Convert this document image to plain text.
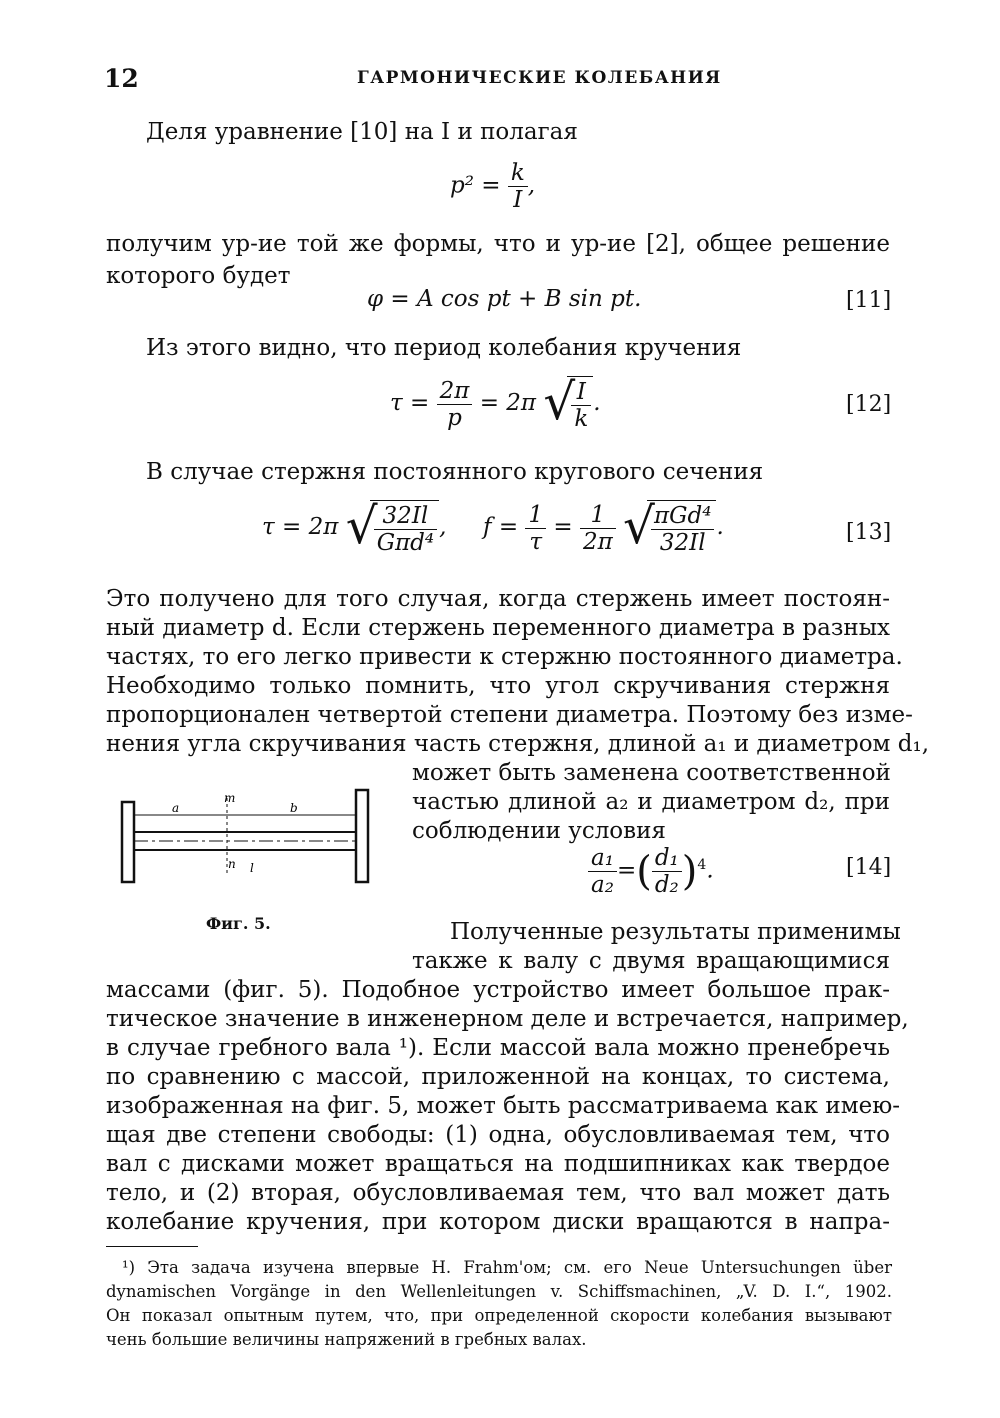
12	ГАРМОНИЧЕСКИЕ КОЛЕБАНИЯ
Деля уравнение [10] на I и полагая
$p^2 = \frac{k}{I}$ ,
получим ур-ие той же формы, что и ур-ие [2], общее решение
которого будет
φ = A cos pt + B sin pt.	[11]
Из этого видно, что период колебания кручения
$\tau = \frac{2\pi}{p} = 2\pi$ √
$\frac{I}{k}$ .	[12]
В случае стержня постоянного кругового сечения
τ = 2π √
$\frac{32Il}{\text{Gπd⁴}}$ , $f = \frac{1}{\tau} = \frac{1}{2\pi}$
√
$\frac{\text{πGd⁴}}{32Il}$ .	[13]
Это получено для того случая, когда стержень имеет постоян-
ный диаметр d. Если стержень переменного диаметра в разных
частях, то его легко привести к стержню постоянного диаметра.
Необходимо только помнить, что угол скручивания стержня
пропорционален четвертой степени диаметра. Поэтому без изме-
нения угла скручивания часть стержня, длиной a₁ и диаметром d₁,
может быть заменена соответственной
частью длиной a₂ и диаметром d₂, при
соблюдении условия
$\frac{\text{a₁}}{\text{a₂}}$ =( $\frac{\text{d₁}}{\text{d₂}} )^4$.	[14]
a
m
b
n l
Фиг. 5.	Полученные результаты применимы
также к валу с двумя вращающимися
массами (фиг. 5). Подобное устройство имеет большое прак-
тическое значение в инженерном деле и встречается, например,
в случае гребного вала ¹). Если массой вала можно пренебречь
по сравнению с массой, приложенной на концах, то система,
изображенная на фиг. 5, может быть рассматриваема как имею-
щая две степени свободы: (1) одна, обусловливаемая тем, что
вал с дисками может вращаться на подшипниках как твердое
тело, и (2) вторая, обусловливаемая тем, что вал может дать
колебание кручения, при котором диски вращаются в напра-
¹) Эта задача изучена впервые H. Frahm'ом; см. его Neue Untersuchungen über
dynamischen Vorgänge in den Wellenleitungen v. Schiffsmachinen, „V. D. I.“, 1902.
Он показал опытным путем, что, при определенной скорости колебания вызывают
чень большие величины напряжений в гребных валах.
